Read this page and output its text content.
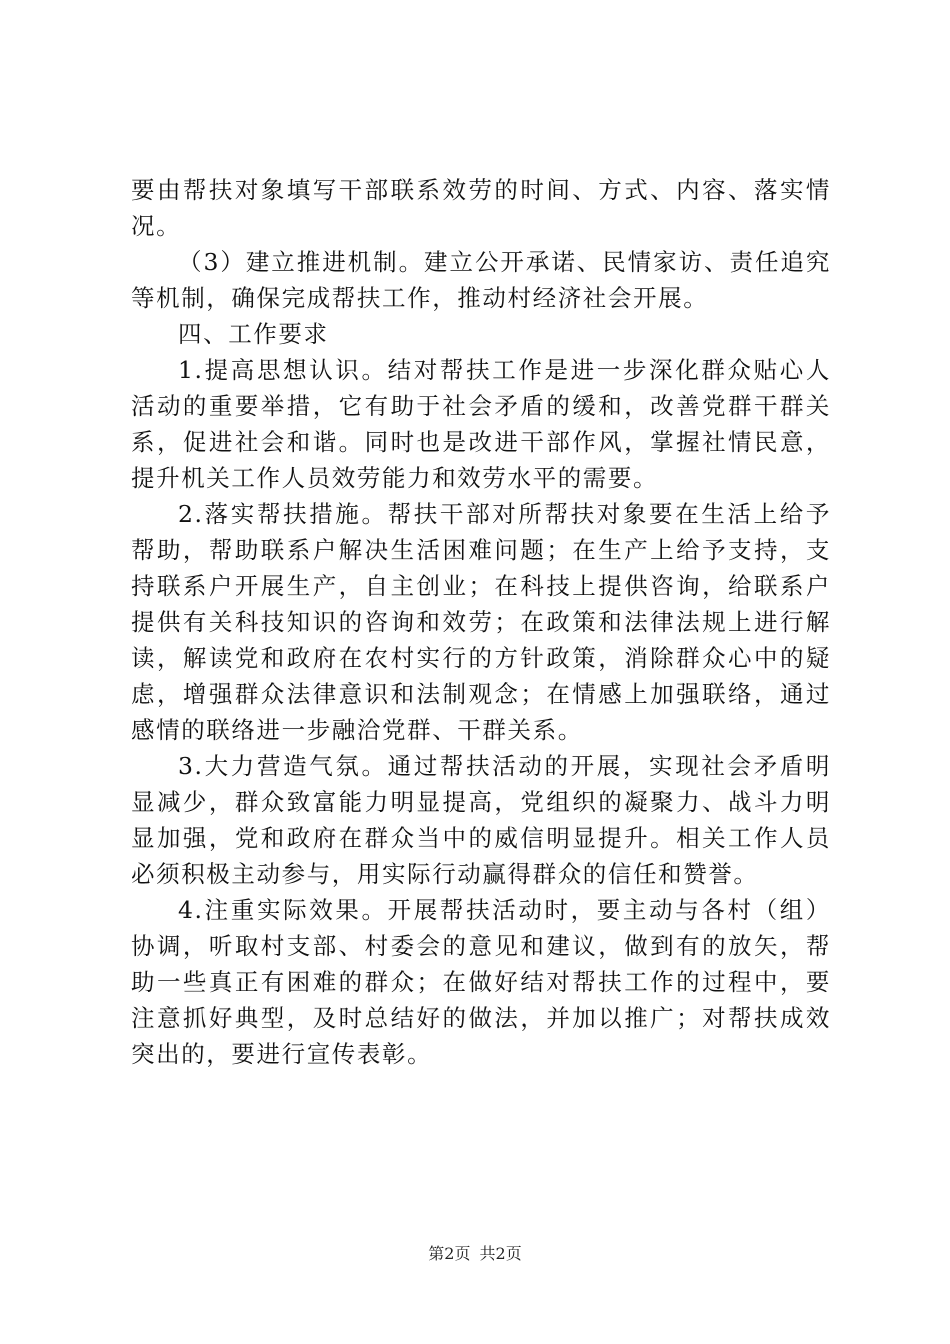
要由帮扶对象填写干部联系效劳的时间、方式、内容、落实情况。

（3）建立推进机制。建立公开承诺、民情家访、责任追究等机制，确保完成帮扶工作，推动村经济社会开展。

四、工作要求

1.提高思想认识。结对帮扶工作是进一步深化群众贴心人活动的重要举措，它有助于社会矛盾的缓和，改善党群干群关系，促进社会和谐。同时也是改进干部作风，掌握社情民意，提升机关工作人员效劳能力和效劳水平的需要。

2.落实帮扶措施。帮扶干部对所帮扶对象要在生活上给予帮助，帮助联系户解决生活困难问题；在生产上给予支持，支持联系户开展生产，自主创业；在科技上提供咨询，给联系户提供有关科技知识的咨询和效劳；在政策和法律法规上进行解读，解读党和政府在农村实行的方针政策，消除群众心中的疑虑，增强群众法律意识和法制观念；在情感上加强联络，通过感情的联络进一步融洽党群、干群关系。

3.大力营造气氛。通过帮扶活动的开展，实现社会矛盾明显减少，群众致富能力明显提高，党组织的凝聚力、战斗力明显加强，党和政府在群众当中的威信明显提升。相关工作人员必须积极主动参与，用实际行动赢得群众的信任和赞誉。

4.注重实际效果。开展帮扶活动时，要主动与各村（组）协调，听取村支部、村委会的意见和建议，做到有的放矢，帮助一些真正有困难的群众；在做好结对帮扶工作的过程中，要注意抓好典型，及时总结好的做法，并加以推广；对帮扶成效突出的，要进行宣传表彰。

第2页 共2页
